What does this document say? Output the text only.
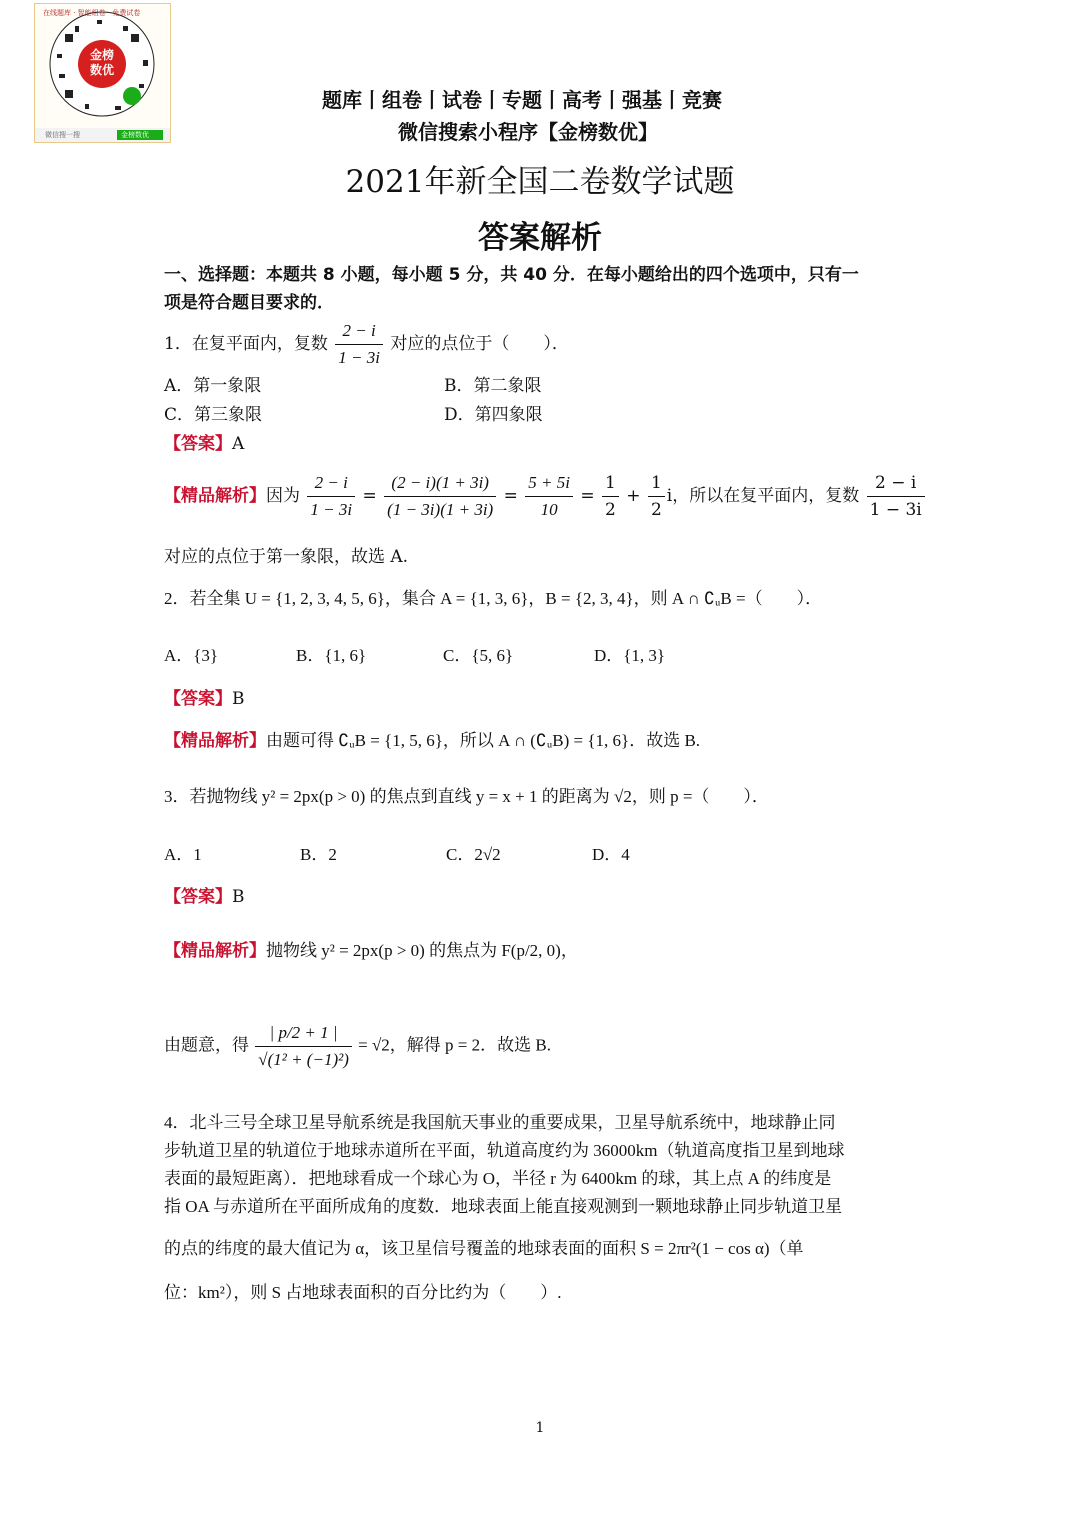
金榜
数优
在线题库 · 智能组卷 · 免费试卷
微信搜一搜	金榜数优
题库丨组卷丨试卷丨专题丨高考丨强基丨竞赛
微信搜索小程序【金榜数优】
2021年新全国二卷数学试题
答案解析
一、选择题：本题共 8 小题，每小题 5 分，共 40 分．在每小题给出的四个选项中，只有一
项是符合题目要求的．
1．在复平面内，复数 $\frac{2 - i}{1 - 3i}$ 对应的点位于（　　）．
A．第一象限	B．第二象限
C．第三象限	D．第四象限
【答案】A
【精品解析】因为 $\frac{2 - i}{1 - 3i} = \frac{(2 - i)(1 + 3i)}{(1 - 3i)(1 + 3i)} = \frac{5 + 5i}{10} = \frac{1}{2} + \frac{1}{2}$ i，所以在复平面内，复数 $\frac{2 - i}{1 - 3i}$
对应的点位于第一象限，故选 A.
2．若全集 U = {1, 2, 3, 4, 5, 6}，集合 A = {1, 3, 6}，B = {2, 3, 4}，则 A ∩ ∁ᵤB =（　　）．
A．{3}	B．{1, 6}	C．{5, 6}	D．{1, 3}
【答案】B
【精品解析】由题可得 ∁ᵤB = {1, 5, 6}，所以 A ∩ (∁ᵤB) = {1, 6}．故选 B.
3．若抛物线 y² = 2px(p > 0) 的焦点到直线 y = x + 1 的距离为 √2，则 p =（　　）．
A．1	B．2	C．2√2	D．4
【答案】B
【精品解析】抛物线 y² = 2px(p > 0) 的焦点为 F(p/2, 0)，
由题意，得 $\frac{| p/2 + 1 |}{\text{√(1² + (−1)²)}} = √2$，解得 p = 2．故选 B.
4．北斗三号全球卫星导航系统是我国航天事业的重要成果，卫星导航系统中，地球静止同
步轨道卫星的轨道位于地球赤道所在平面，轨道高度约为 36000km（轨道高度指卫星到地球
表面的最短距离）．把地球看成一个球心为 O，半径 r 为 6400km 的球，其上点 A 的纬度是
指 OA 与赤道所在平面所成角的度数．地球表面上能直接观测到一颗地球静止同步轨道卫星
的点的纬度的最大值记为 α，该卫星信号覆盖的地球表面的面积 S = 2πr²(1 − cos α)（单
位：km²），则 S 占地球表面积的百分比约为（　　）.
1
